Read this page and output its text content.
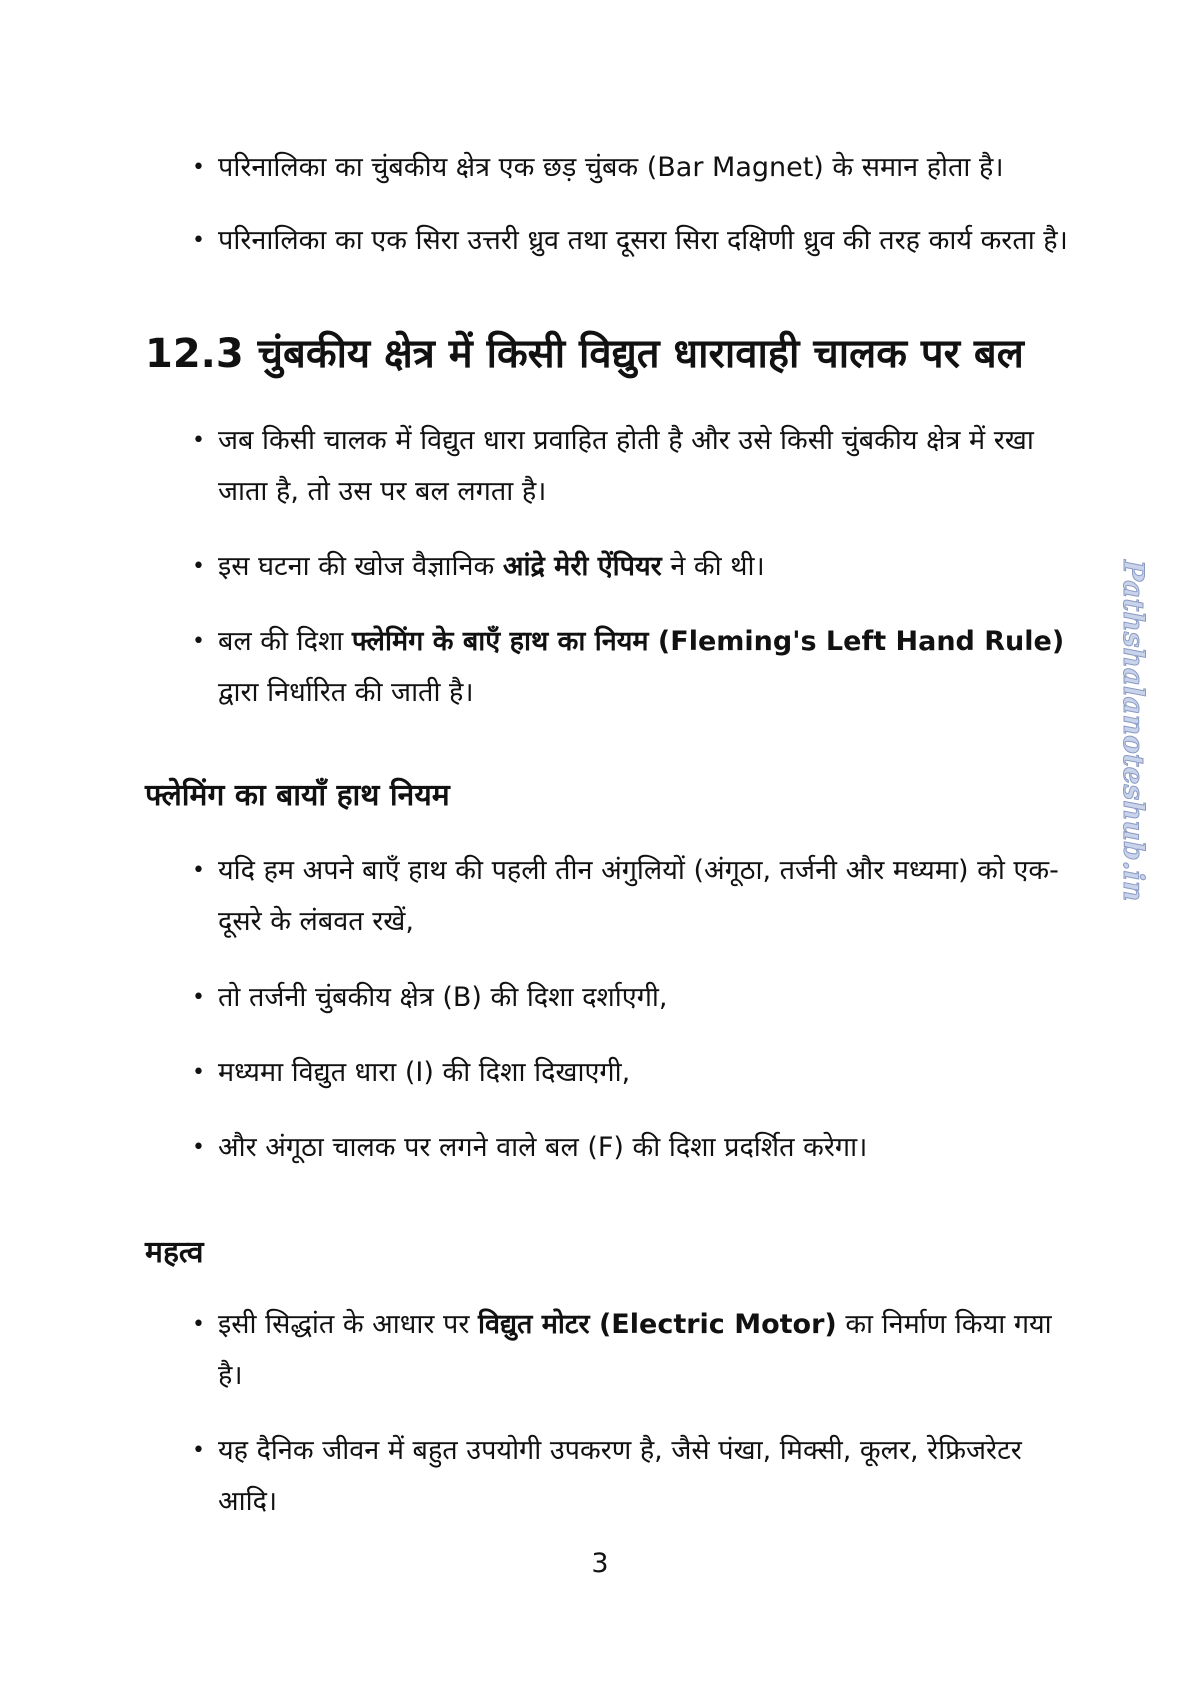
• परिनालिका का चुंबकीय क्षेत्र एक छड़ चुंबक (Bar Magnet) के समान होता है।
• परिनालिका का एक सिरा उत्तरी ध्रुव तथा दूसरा सिरा दक्षिणी ध्रुव की तरह कार्य करता है।
12.3 चुंबकीय क्षेत्र में किसी विद्युत धारावाही चालक पर बल
• जब किसी चालक में विद्युत धारा प्रवाहित होती है और उसे किसी चुंबकीय क्षेत्र में रखा जाता है, तो उस पर बल लगता है।
• इस घटना की खोज वैज्ञानिक आंद्रे मेरी ऐंपियर ने की थी।
• बल की दिशा फ्लेमिंग के बाएँ हाथ का नियम (Fleming's Left Hand Rule) द्वारा निर्धारित की जाती है।
फ्लेमिंग का बायाँ हाथ नियम
• यदि हम अपने बाएँ हाथ की पहली तीन अंगुलियों (अंगूठा, तर्जनी और मध्यमा) को एक-दूसरे के लंबवत रखें,
• तो तर्जनी चुंबकीय क्षेत्र (B) की दिशा दर्शाएगी,
• मध्यमा विद्युत धारा (I) की दिशा दिखाएगी,
• और अंगूठा चालक पर लगने वाले बल (F) की दिशा प्रदर्शित करेगा।
महत्व
• इसी सिद्धांत के आधार पर विद्युत मोटर (Electric Motor) का निर्माण किया गया है।
• यह दैनिक जीवन में बहुत उपयोगी उपकरण है, जैसे पंखा, मिक्सी, कूलर, रेफ्रिजरेटर आदि।
3
Pathshalanoteshub.in
